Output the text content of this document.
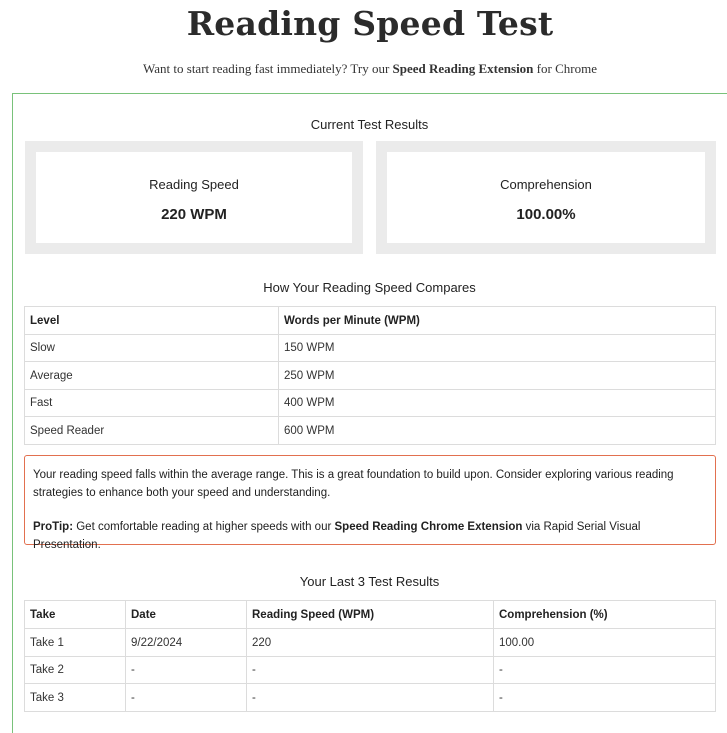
Reading Speed Test
Want to start reading fast immediately? Try our Speed Reading Extension for Chrome
Current Test Results
Reading Speed
220 WPM
Comprehension
100.00%
How Your Reading Speed Compares
Level	Words per Minute (WPM)
Slow	150 WPM
Average	250 WPM
Fast	400 WPM
Speed Reader	600 WPM

Your reading speed falls within the average range. This is a great foundation to build upon. Consider exploring various reading strategies to enhance both your speed and understanding.

ProTip: Get comfortable reading at higher speeds with our Speed Reading Chrome Extension via Rapid Serial Visual Presentation.

Your Last 3 Test Results
Take	Date	Reading Speed (WPM)	Comprehension (%)
Take 1	9/22/2024	220	100.00
Take 2	-	-	-
Take 3	-	-	-
